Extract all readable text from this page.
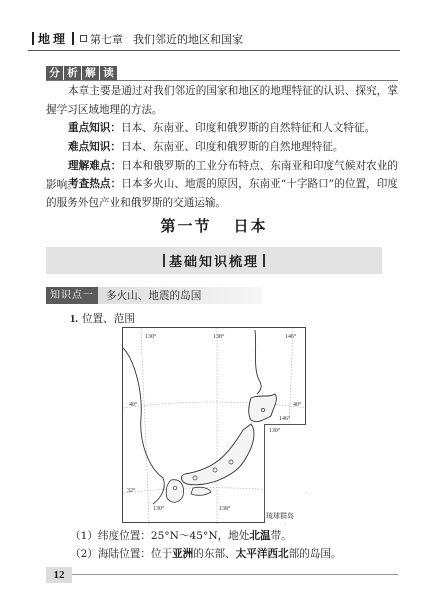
地理 第七章 我们邻近的地区和国家
分 析 解 读
本章主要是通过对我们邻近的国家和地区的地理特征的认识、探究，掌握学习区域地理的方法。
重点知识：日本、东南亚、印度和俄罗斯的自然特征和人文特征。
难点知识：日本、东南亚、印度和俄罗斯的自然地理特征。
理解难点：日本和俄罗斯的工业分布特点、东南亚和印度气候对农业的影响。
考查热点：日本多火山、地震的原因，东南亚“十字路口”的位置，印度的服务外包产业和俄罗斯的交通运输。
第一节 日本
基础知识梳理
知识点一	多火山、地震的岛国
1. 位置、范围
130°	138°	146°
40°	40°
32°
146°
130°	138°
130°
琉球群岛
（1）纬度位置：25°N～45°N，地处北温带。
（2）海陆位置：位于亚洲的东部、太平洋西北部的岛国。
12
